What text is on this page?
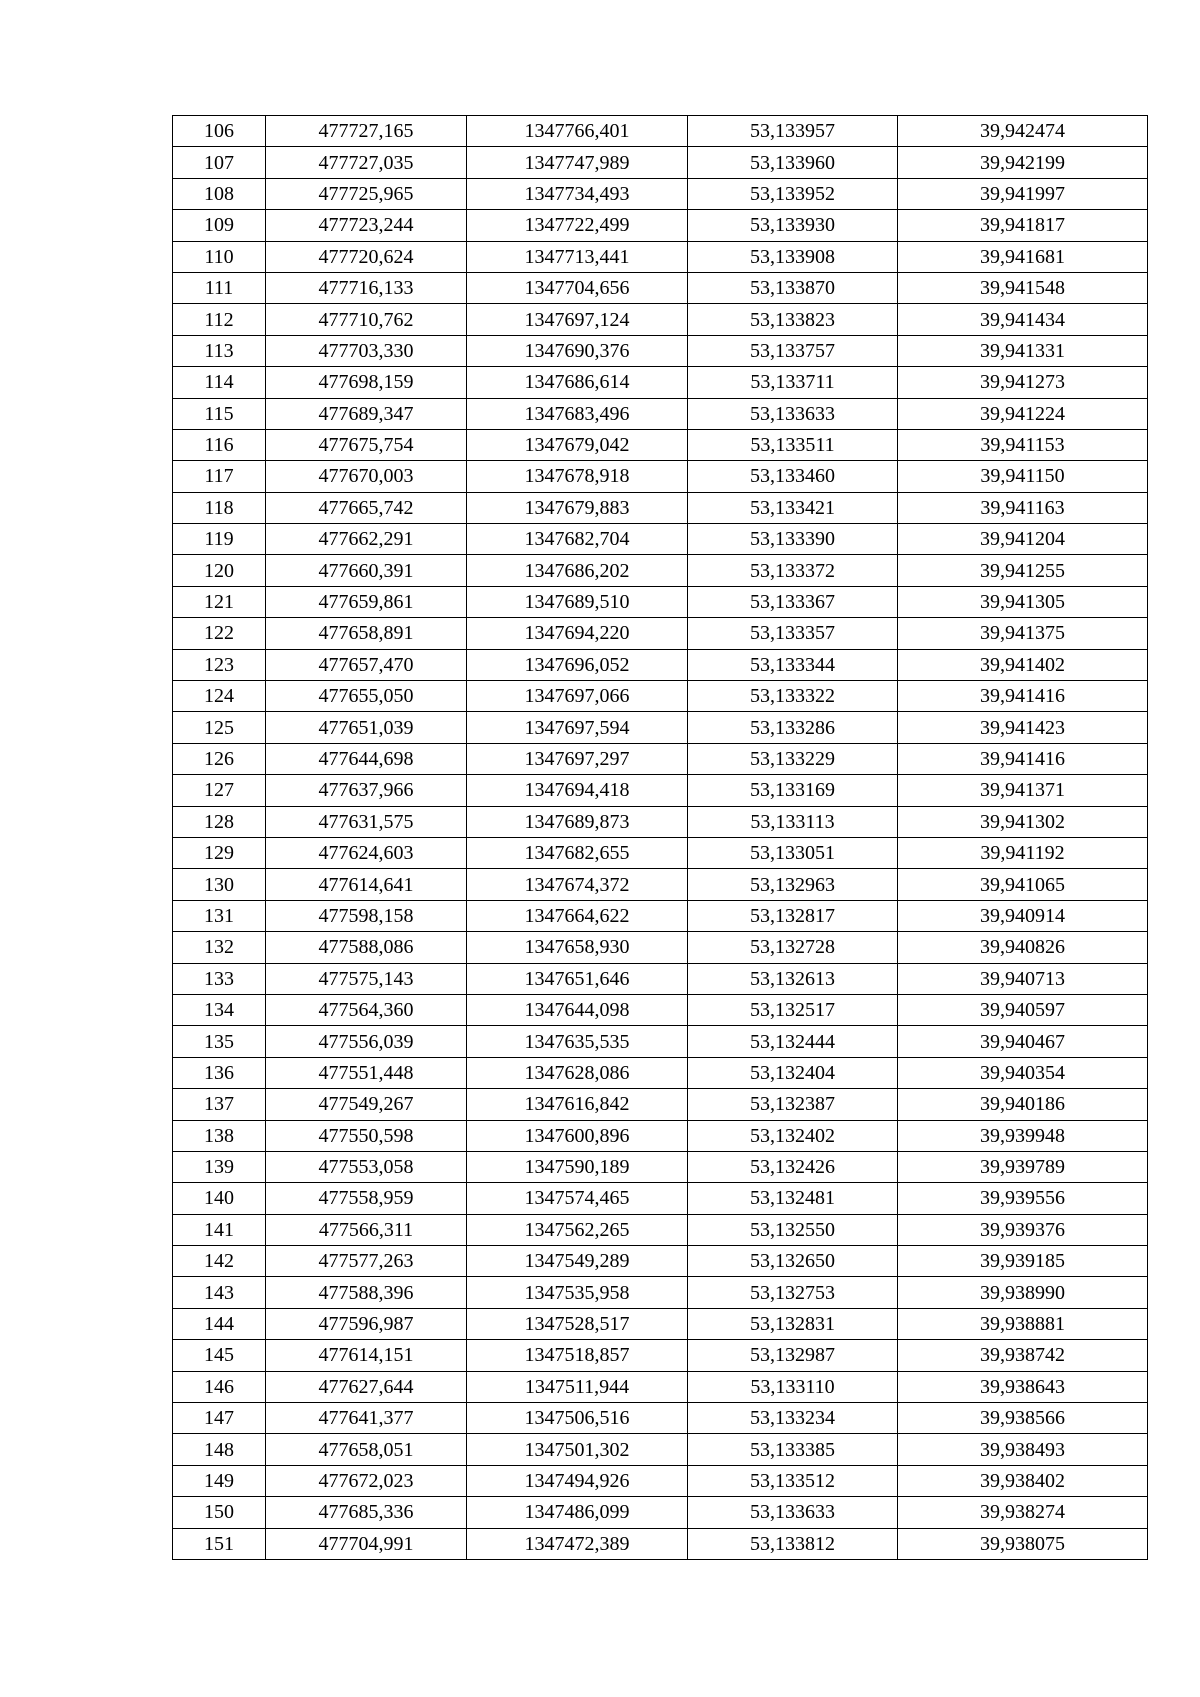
106	477727,165	1347766,401	53,133957	39,942474
107	477727,035	1347747,989	53,133960	39,942199
108	477725,965	1347734,493	53,133952	39,941997
109	477723,244	1347722,499	53,133930	39,941817
110	477720,624	1347713,441	53,133908	39,941681
111	477716,133	1347704,656	53,133870	39,941548
112	477710,762	1347697,124	53,133823	39,941434
113	477703,330	1347690,376	53,133757	39,941331
114	477698,159	1347686,614	53,133711	39,941273
115	477689,347	1347683,496	53,133633	39,941224
116	477675,754	1347679,042	53,133511	39,941153
117	477670,003	1347678,918	53,133460	39,941150
118	477665,742	1347679,883	53,133421	39,941163
119	477662,291	1347682,704	53,133390	39,941204
120	477660,391	1347686,202	53,133372	39,941255
121	477659,861	1347689,510	53,133367	39,941305
122	477658,891	1347694,220	53,133357	39,941375
123	477657,470	1347696,052	53,133344	39,941402
124	477655,050	1347697,066	53,133322	39,941416
125	477651,039	1347697,594	53,133286	39,941423
126	477644,698	1347697,297	53,133229	39,941416
127	477637,966	1347694,418	53,133169	39,941371
128	477631,575	1347689,873	53,133113	39,941302
129	477624,603	1347682,655	53,133051	39,941192
130	477614,641	1347674,372	53,132963	39,941065
131	477598,158	1347664,622	53,132817	39,940914
132	477588,086	1347658,930	53,132728	39,940826
133	477575,143	1347651,646	53,132613	39,940713
134	477564,360	1347644,098	53,132517	39,940597
135	477556,039	1347635,535	53,132444	39,940467
136	477551,448	1347628,086	53,132404	39,940354
137	477549,267	1347616,842	53,132387	39,940186
138	477550,598	1347600,896	53,132402	39,939948
139	477553,058	1347590,189	53,132426	39,939789
140	477558,959	1347574,465	53,132481	39,939556
141	477566,311	1347562,265	53,132550	39,939376
142	477577,263	1347549,289	53,132650	39,939185
143	477588,396	1347535,958	53,132753	39,938990
144	477596,987	1347528,517	53,132831	39,938881
145	477614,151	1347518,857	53,132987	39,938742
146	477627,644	1347511,944	53,133110	39,938643
147	477641,377	1347506,516	53,133234	39,938566
148	477658,051	1347501,302	53,133385	39,938493
149	477672,023	1347494,926	53,133512	39,938402
150	477685,336	1347486,099	53,133633	39,938274
151	477704,991	1347472,389	53,133812	39,938075
